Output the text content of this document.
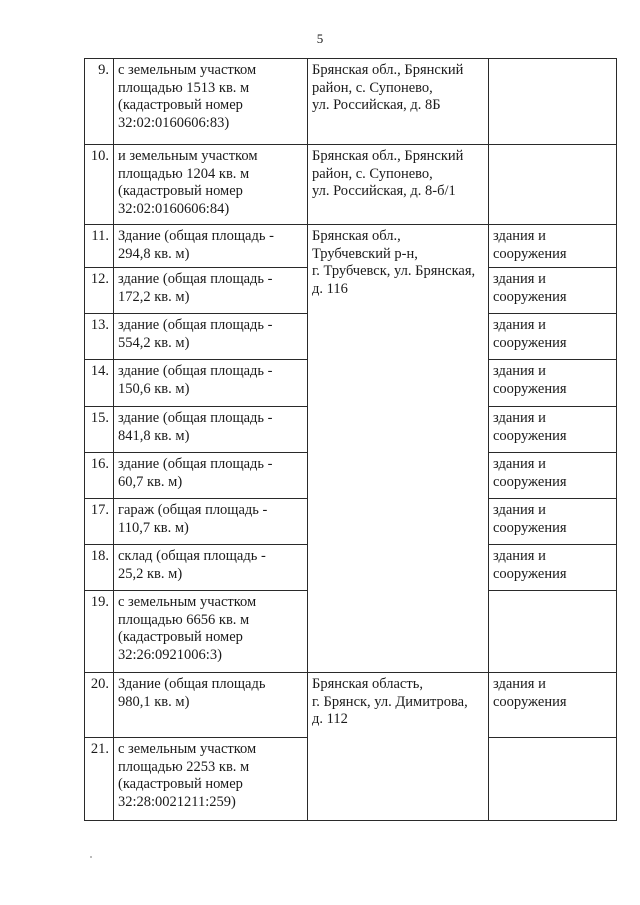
5
9.	с земельным участком
площадью 1513 кв. м
(кадастровый номер
32:02:0160606:83)	Брянская обл., Брянский
район, с. Супонево,
ул. Российская, д. 8Б	
10.	и земельным участком
площадью 1204 кв. м
(кадастровый номер
32:02:0160606:84)	Брянская обл., Брянский
район, с. Супонево,
ул. Российская, д. 8-б/1	
11.	Здание (общая площадь -
294,8 кв. м)	Брянская обл.,
Трубчевский р-н,
г. Трубчевск, ул. Брянская,
д. 116	здания и
сооружения
12.	здание (общая площадь -
172,2 кв. м)		здания и
сооружения
13.	здание (общая площадь -
554,2 кв. м)		здания и
сооружения
14.	здание (общая площадь -
150,6 кв. м)		здания и
сооружения
15.	здание (общая площадь -
841,8 кв. м)		здания и
сооружения
16.	здание (общая площадь -
60,7 кв. м)		здания и
сооружения
17.	гараж (общая площадь -
110,7 кв. м)		здания и
сооружения
18.	склад (общая площадь -
25,2 кв. м)		здания и
сооружения
19.	с земельным участком
площадью 6656 кв. м
(кадастровый номер
32:26:0921006:3)		
20.	Здание (общая площадь
980,1 кв. м)	Брянская область,
г. Брянск, ул. Димитрова,
д. 112	здания и
сооружения
21.	с земельным участком
площадью 2253 кв. м
(кадастровый номер
32:28:0021211:259)		
